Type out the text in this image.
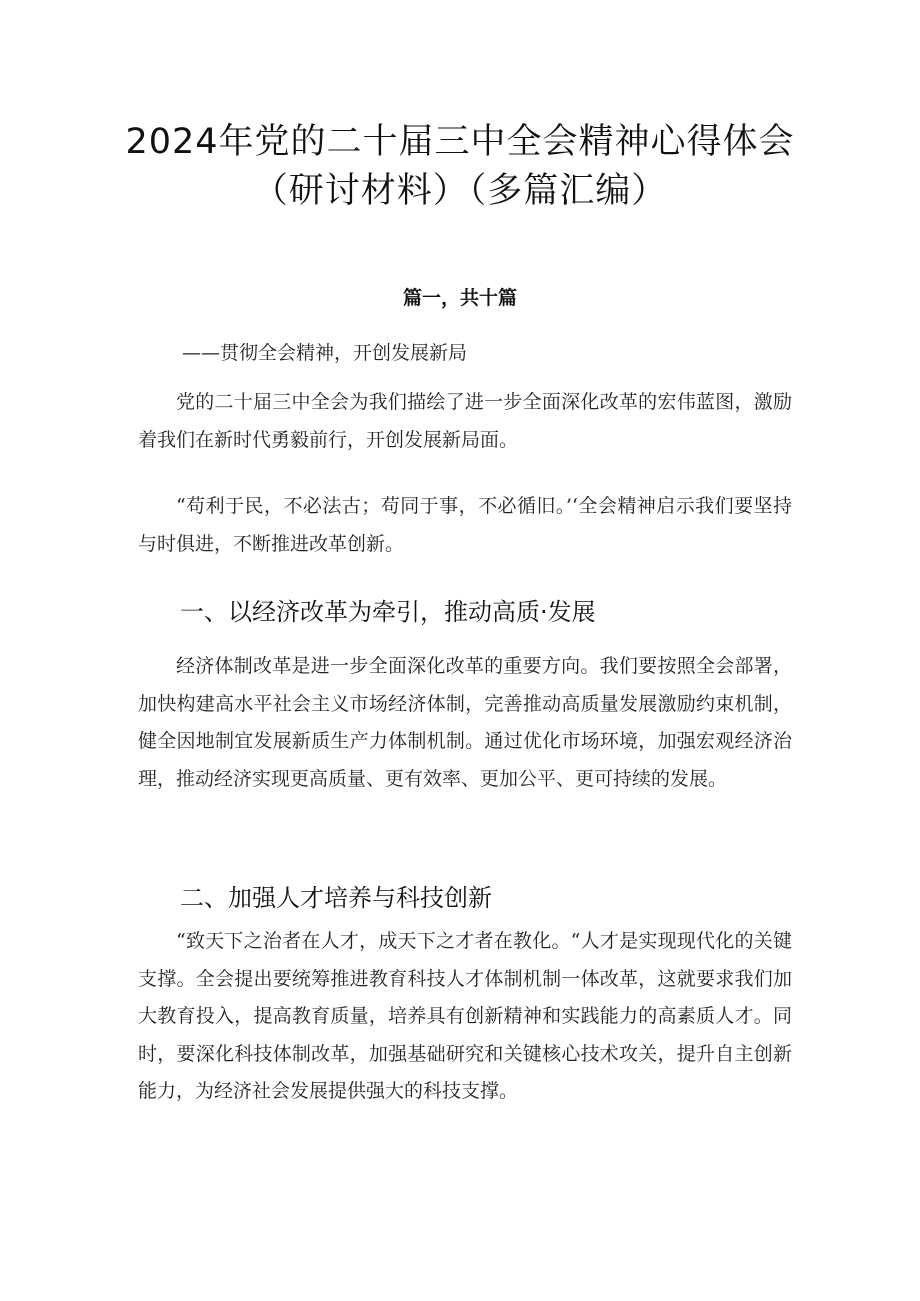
2024年党的二十届三中全会精神心得体会
（研讨材料）（多篇汇编）
篇一，共十篇
——贯彻全会精神，开创发展新局
党的二十届三中全会为我们描绘了进一步全面深化改革的宏伟蓝图，激励着我们在新时代勇毅前行，开创发展新局面。
“苟利于民，不必法古；苟同于事，不必循旧。’‘全会精神启示我们要坚持与时俱进，不断推进改革创新。
一、以经济改革为牵引，推动高质·发展
经济体制改革是进一步全面深化改革的重要方向。我们要按照全会部署，加快构建高水平社会主义市场经济体制，完善推动高质量发展激励约束机制，健全因地制宜发展新质生产力体制机制。通过优化市场环境，加强宏观经济治理，推动经济实现更高质量、更有效率、更加公平、更可持续的发展。
二、加强人才培养与科技创新
“致天下之治者在人才，成天下之才者在教化。“人才是实现现代化的关键支撑。全会提出要统筹推进教育科技人才体制机制一体改革，这就要求我们加大教育投入，提高教育质量，培养具有创新精神和实践能力的高素质人才。同时，要深化科技体制改革，加强基础研究和关键核心技术攻关，提升自主创新能力，为经济社会发展提供强大的科技支撑。
